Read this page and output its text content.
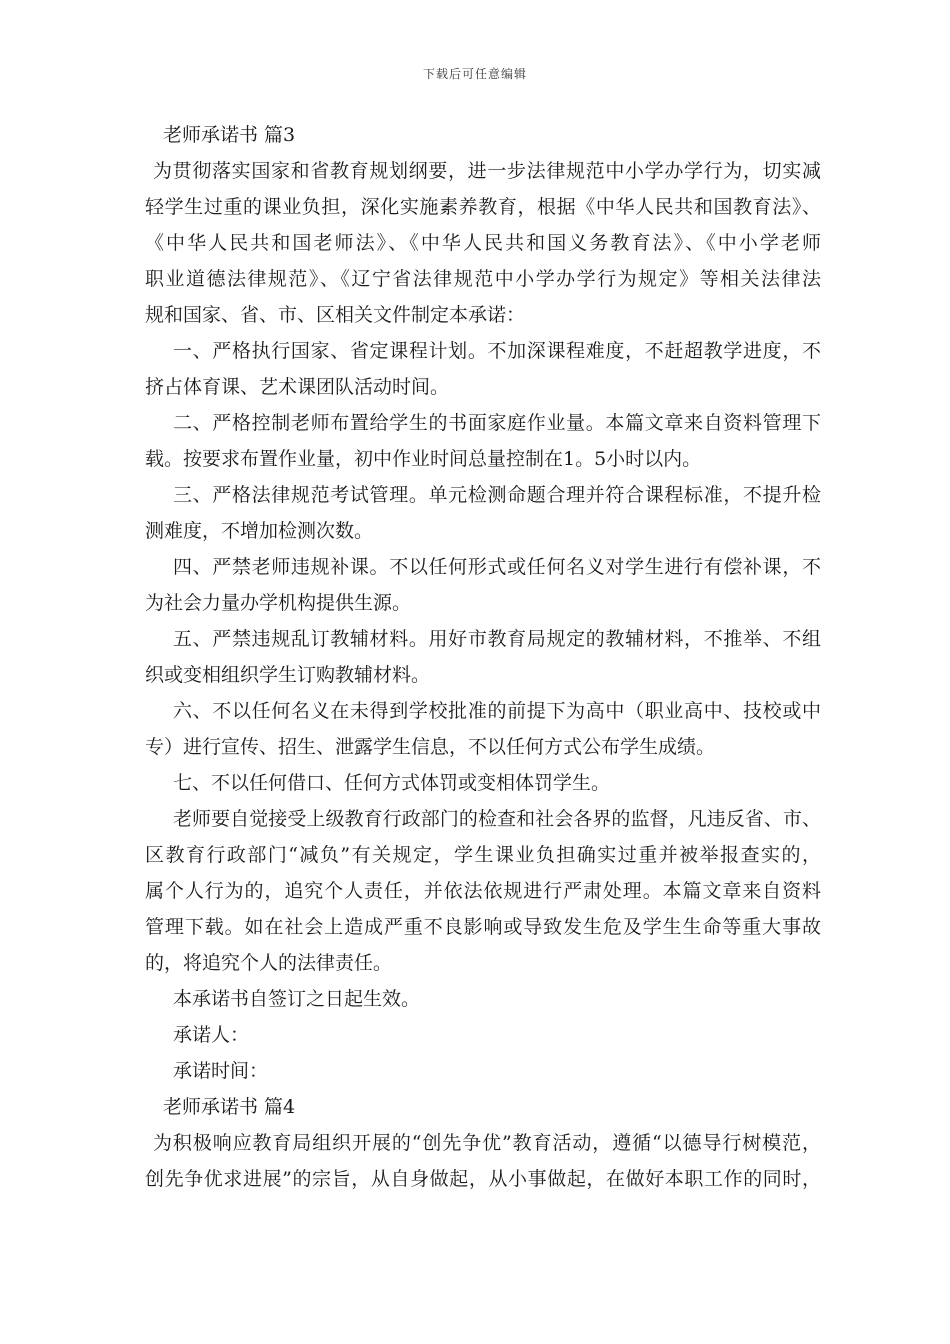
下载后可任意编辑
老师承诺书 篇3
为贯彻落实国家和省教育规划纲要，进一步法律规范中小学办学行为，切实减
轻学生过重的课业负担，深化实施素养教育，根据《中华人民共和国教育法》、
《中华人民共和国老师法》、《中华人民共和国义务教育法》、《中小学老师
职业道德法律规范》、《辽宁省法律规范中小学办学行为规定》等相关法律法
规和国家、省、市、区相关文件制定本承诺：
一、严格执行国家、省定课程计划。不加深课程难度，不赶超教学进度，不
挤占体育课、艺术课团队活动时间。
二、严格控制老师布置给学生的书面家庭作业量。本篇文章来自资料管理下
载。按要求布置作业量，初中作业时间总量控制在1。5小时以内。
三、严格法律规范考试管理。单元检测命题合理并符合课程标准，不提升检
测难度，不增加检测次数。
四、严禁老师违规补课。不以任何形式或任何名义对学生进行有偿补课，不
为社会力量办学机构提供生源。
五、严禁违规乱订教辅材料。用好市教育局规定的教辅材料，不推举、不组
织或变相组织学生订购教辅材料。
六、不以任何名义在未得到学校批准的前提下为高中（职业高中、技校或中
专）进行宣传、招生、泄露学生信息，不以任何方式公布学生成绩。
七、不以任何借口、任何方式体罚或变相体罚学生。
老师要自觉接受上级教育行政部门的检查和社会各界的监督，凡违反省、市、
区教育行政部门“减负”有关规定，学生课业负担确实过重并被举报查实的，
属个人行为的，追究个人责任，并依法依规进行严肃处理。本篇文章来自资料
管理下载。如在社会上造成严重不良影响或导致发生危及学生生命等重大事故
的，将追究个人的法律责任。
本承诺书自签订之日起生效。
承诺人：
承诺时间：
老师承诺书 篇4
为积极响应教育局组织开展的“创先争优”教育活动，遵循“以德导行树模范，
创先争优求进展”的宗旨，从自身做起，从小事做起，在做好本职工作的同时，
